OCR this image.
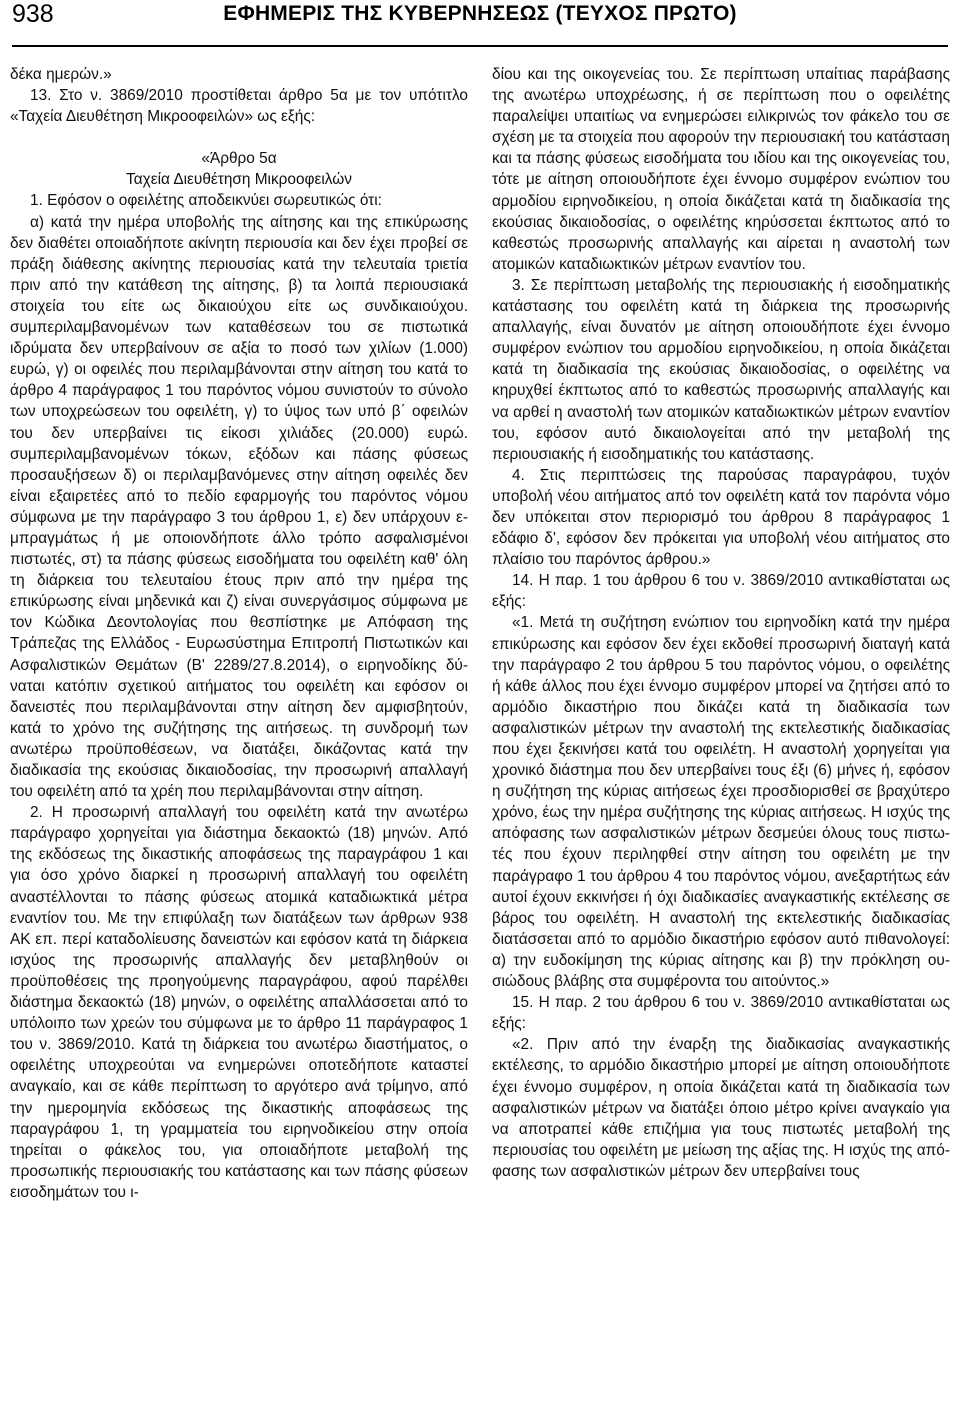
938	ΕΦΗΜΕΡΙΣ ΤΗΣ ΚΥΒΕΡΝΗΣΕΩΣ (ΤΕΥΧΟΣ ΠΡΩΤΟ)

δέκα ημερών.»

13. Στο ν. 3869/2010 προστίθεται άρθρο 5α με τον υπότιτλο «Ταχεία Διευθέτηση Μικροοφειλών» ως εξής:

«Άρθρο 5α

Ταχεία Διευθέτηση Μικροοφειλών

1. Εφόσον ο οφειλέτης αποδεικνύει σωρευτικώς ότι:

α) κατά την ημέρα υποβολής της αίτησης και της επικύρωσης δεν διαθέτει οποιαδήποτε ακίνητη περιουσία και δεν έχει προβεί σε πράξη διάθεσης ακίνητης περιουσίας κατά την τελευταία τριετία πριν από την κατάθεση της αίτησης, β) τα λοιπά περιουσιακά στοιχεία του είτε ως δικαιούχου είτε ως συνδικαιούχου. συμπεριλαμβανομένων των καταθέσεων του σε πιστωτικά ιδρύματα δεν υπερβαίνουν σε αξία το ποσό των χιλίων (1.000) ευρώ, γ) οι οφειλές που περιλαμβάνονται στην αίτηση του κατά το άρθρο 4 παράγραφος 1 του παρόντος νόμου συνιστούν το σύνολο των υποχρεώσεων του οφειλέτη, γ) το ύψος των υπό β΄ οφειλών του δεν υπερβαίνει τις είκοσι χιλιάδες (20.000) ευρώ. συμπεριλαμβανομένων τόκων, εξόδων και πάσης φύσεως προσαυξήσεων δ) οι περιλαμβανόμενες στην αίτηση οφειλές δεν είναι εξαιρετέες από το πεδίο εφαρμογής του παρόντος νόμου σύμφωνα με την παράγραφο 3 του άρθρου 1, ε) δεν υπάρχουν εμπραγμάτως ή με οποιονδήποτε άλλο τρόπο ασφαλισμένοι πιστωτές, στ) τα πάσης φύσεως εισοδήματα του οφειλέτη καθ' όλη τη διάρκεια του τελευταίου έτους πριν από την ημέρα της επικύρωσης είναι μηδενικά και ζ) είναι συνεργάσιμος σύμφωνα με τον Κώδικα Δεοντολογίας που θεσπίστηκε με Απόφαση της Τράπεζας της Ελλάδος - Ευρωσύστημα Επιτροπή Πιστωτικών και Ασφαλιστικών Θεμάτων (Β' 2289/27.8.2014), ο ειρηνοδίκης δύναται κατόπιν σχετικού αιτήματος του οφειλέτη και εφόσον οι δανειστές που περιλαμβάνονται στην αίτηση δεν αμφισβητούν, κατά το χρόνο της συζήτησης της αιτήσεως. τη συνδρομή των ανωτέρω προϋποθέσεων, να διατάξει, δικάζοντας κατά την διαδικασία της εκούσιας δικαιοδοσίας, την προσωρινή απαλλαγή του οφειλέτη από τα χρέη που περιλαμβάνονται στην αίτηση.

2. Η προσωρινή απαλλαγή του οφειλέτη κατά την ανωτέρω παράγραφο χορηγείται για διάστημα δεκαοκτώ (18) μηνών. Από της εκδόσεως της δικαστικής αποφάσεως της παραγράφου 1 και για όσο χρόνο διαρκεί η προσωρινή απαλλαγή του οφειλέτη αναστέλλονται το πάσης φύσεως ατομικά καταδιωκτικά μέτρα εναντίον του. Με την επιφύλαξη των διατάξεων των άρθρων 938 ΑΚ επ. περί καταδολίευσης δανειστών και εφόσον κατά τη διάρκεια ισχύος της προσωρινής απαλλαγής δεν μεταβληθούν οι προϋποθέσεις της προηγούμενης παραγράφου, αφού παρέλθει διάστημα δεκαοκτώ (18) μηνών, ο οφειλέτης απαλλάσσεται από το υπόλοιπο των χρεών του σύμφωνα με το άρθρο 11 παράγραφος 1 του ν. 3869/2010. Κατά τη διάρκεια του ανωτέρω διαστήματος, ο οφειλέτης υποχρεούται να ενημερώνει οποτεδήποτε καταστεί αναγκαίο, και σε κάθε περίπτωση το αργότερο ανά τρίμηνο, από την ημερομηνία εκδόσεως της δικαστικής αποφάσεως της παραγράφου 1, τη γραμματεία του ειρηνοδικείου στην οποία τηρείται ο φάκελος του, για οποιαδήποτε μεταβολή της προσωπικής περιουσιακής του κατάστασης και των πάσης φύσεων εισοδημάτων του ι-

δίου και της οικογενείας του. Σε περίπτωση υπαίτιας παράβασης της ανωτέρω υποχρέωσης, ή σε περίπτωση που ο οφειλέτης παραλείψει υπαιτίως να ενημερώσει ειλικρινώς τον φάκελο του σε σχέση με τα στοιχεία που αφορούν την περιουσιακή του κατάσταση και τα πάσης φύσεως εισοδήματα του ιδίου και της οικογενείας του, τότε με αίτηση οποιουδήποτε έχει έννομο συμφέρον ενώπιον του αρμοδίου ειρηνοδικείου, η οποία δικάζεται κατά τη διαδικασία της εκούσιας δικαιοδοσίας, ο οφειλέτης κηρύσσεται έκπτωτος από το καθεστώς προσωρινής απαλλαγής και αίρεται η αναστολή των ατομικών καταδιωκτικών μέτρων εναντίον του.

3. Σε περίπτωση μεταβολής της περιουσιακής ή εισοδηματικής κατάστασης του οφειλέτη κατά τη διάρκεια της προσωρινής απαλλαγής, είναι δυνατόν με αίτηση οποιουδήποτε έχει έννομο συμφέρον ενώπιον του αρμοδίου ειρηνοδικείου, η οποία δικάζεται κατά τη διαδικασία της εκούσιας δικαιοδοσίας, ο οφειλέτης να κηρυχθεί έκπτωτος από το καθεστώς προσωρινής απαλλαγής και να αρθεί η αναστολή των ατομικών καταδιωκτικών μέτρων εναντίον του, εφόσον αυτό δικαιολογείται από την μεταβολή της περιουσιακής ή εισοδηματικής του κατάστασης.

4. Στις περιπτώσεις της παρούσας παραγράφου, τυχόν υποβολή νέου αιτήματος από τον οφειλέτη κατά τον παρόντα νόμο δεν υπόκειται στον περιορισμό του άρθρου 8 παράγραφος 1 εδάφιο δ', εφόσον δεν πρόκειται για υποβολή νέου αιτήματος στο πλαίσιο του παρόντος άρθρου.»

14. Η παρ. 1 του άρθρου 6 του ν. 3869/2010 αντικαθίσταται ως εξής:

«1. Μετά τη συζήτηση ενώπιον του ειρηνοδίκη κατά την ημέρα επικύρωσης και εφόσον δεν έχει εκδοθεί προσωρινή διαταγή κατά την παράγραφο 2 του άρθρου 5 του παρόντος νόμου, ο οφειλέτης ή κάθε άλλος που έχει έννομο συμφέρον μπορεί να ζητήσει από το αρμόδιο δικαστήριο που δικάζει κατά τη διαδικασία των ασφαλιστικών μέτρων την αναστολή της εκτελεστικής διαδικασίας που έχει ξεκινήσει κατά του οφειλέτη. Η αναστολή χορηγείται για χρονικό διάστημα που δεν υπερβαίνει τους έξι (6) μήνες ή, εφόσον η συζήτηση της κύριας αιτήσεως έχει προσδιορισθεί σε βραχύτερο χρόνο, έως την ημέρα συζήτησης της κύριας αιτήσεως. Η ισχύς της απόφασης των ασφαλιστικών μέτρων δεσμεύει όλους τους πιστωτές που έχουν περιληφθεί στην αίτηση του οφειλέτη με την παράγραφο 1 του άρθρου 4 του παρόντος νόμου, ανεξαρτήτως εάν αυτοί έχουν εκκινήσει ή όχι διαδικασίες αναγκαστικής εκτέλεσης σε βάρος του οφειλέτη. Η αναστολή της εκτελεστικής διαδικασίας διατάσσεται από το αρμόδιο δικαστήριο εφόσον αυτό πιθανολογεί: α) την ευδοκίμηση της κύριας αίτησης και β) την πρόκληση ουσιώδους βλάβης στα συμφέροντα του αιτούντος.»

15. Η παρ. 2 του άρθρου 6 του ν. 3869/2010 αντικαθίσταται ως εξής:

«2. Πριν από την έναρξη της διαδικασίας αναγκαστικής εκτέλεσης, το αρμόδιο δικαστήριο μπορεί με αίτηση οποιουδήποτε έχει έννομο συμφέρον, η οποία δικάζεται κατά τη διαδικασία των ασφαλιστικών μέτρων να διατάξει όποιο μέτρο κρίνει αναγκαίο για να αποτραπεί κάθε επιζήμια για τους πιστωτές μεταβολή της περιουσίας του οφειλέτη με μείωση της αξίας της. Η ισχύς της απόφασης των ασφαλιστικών μέτρων δεν υπερβαίνει τους
